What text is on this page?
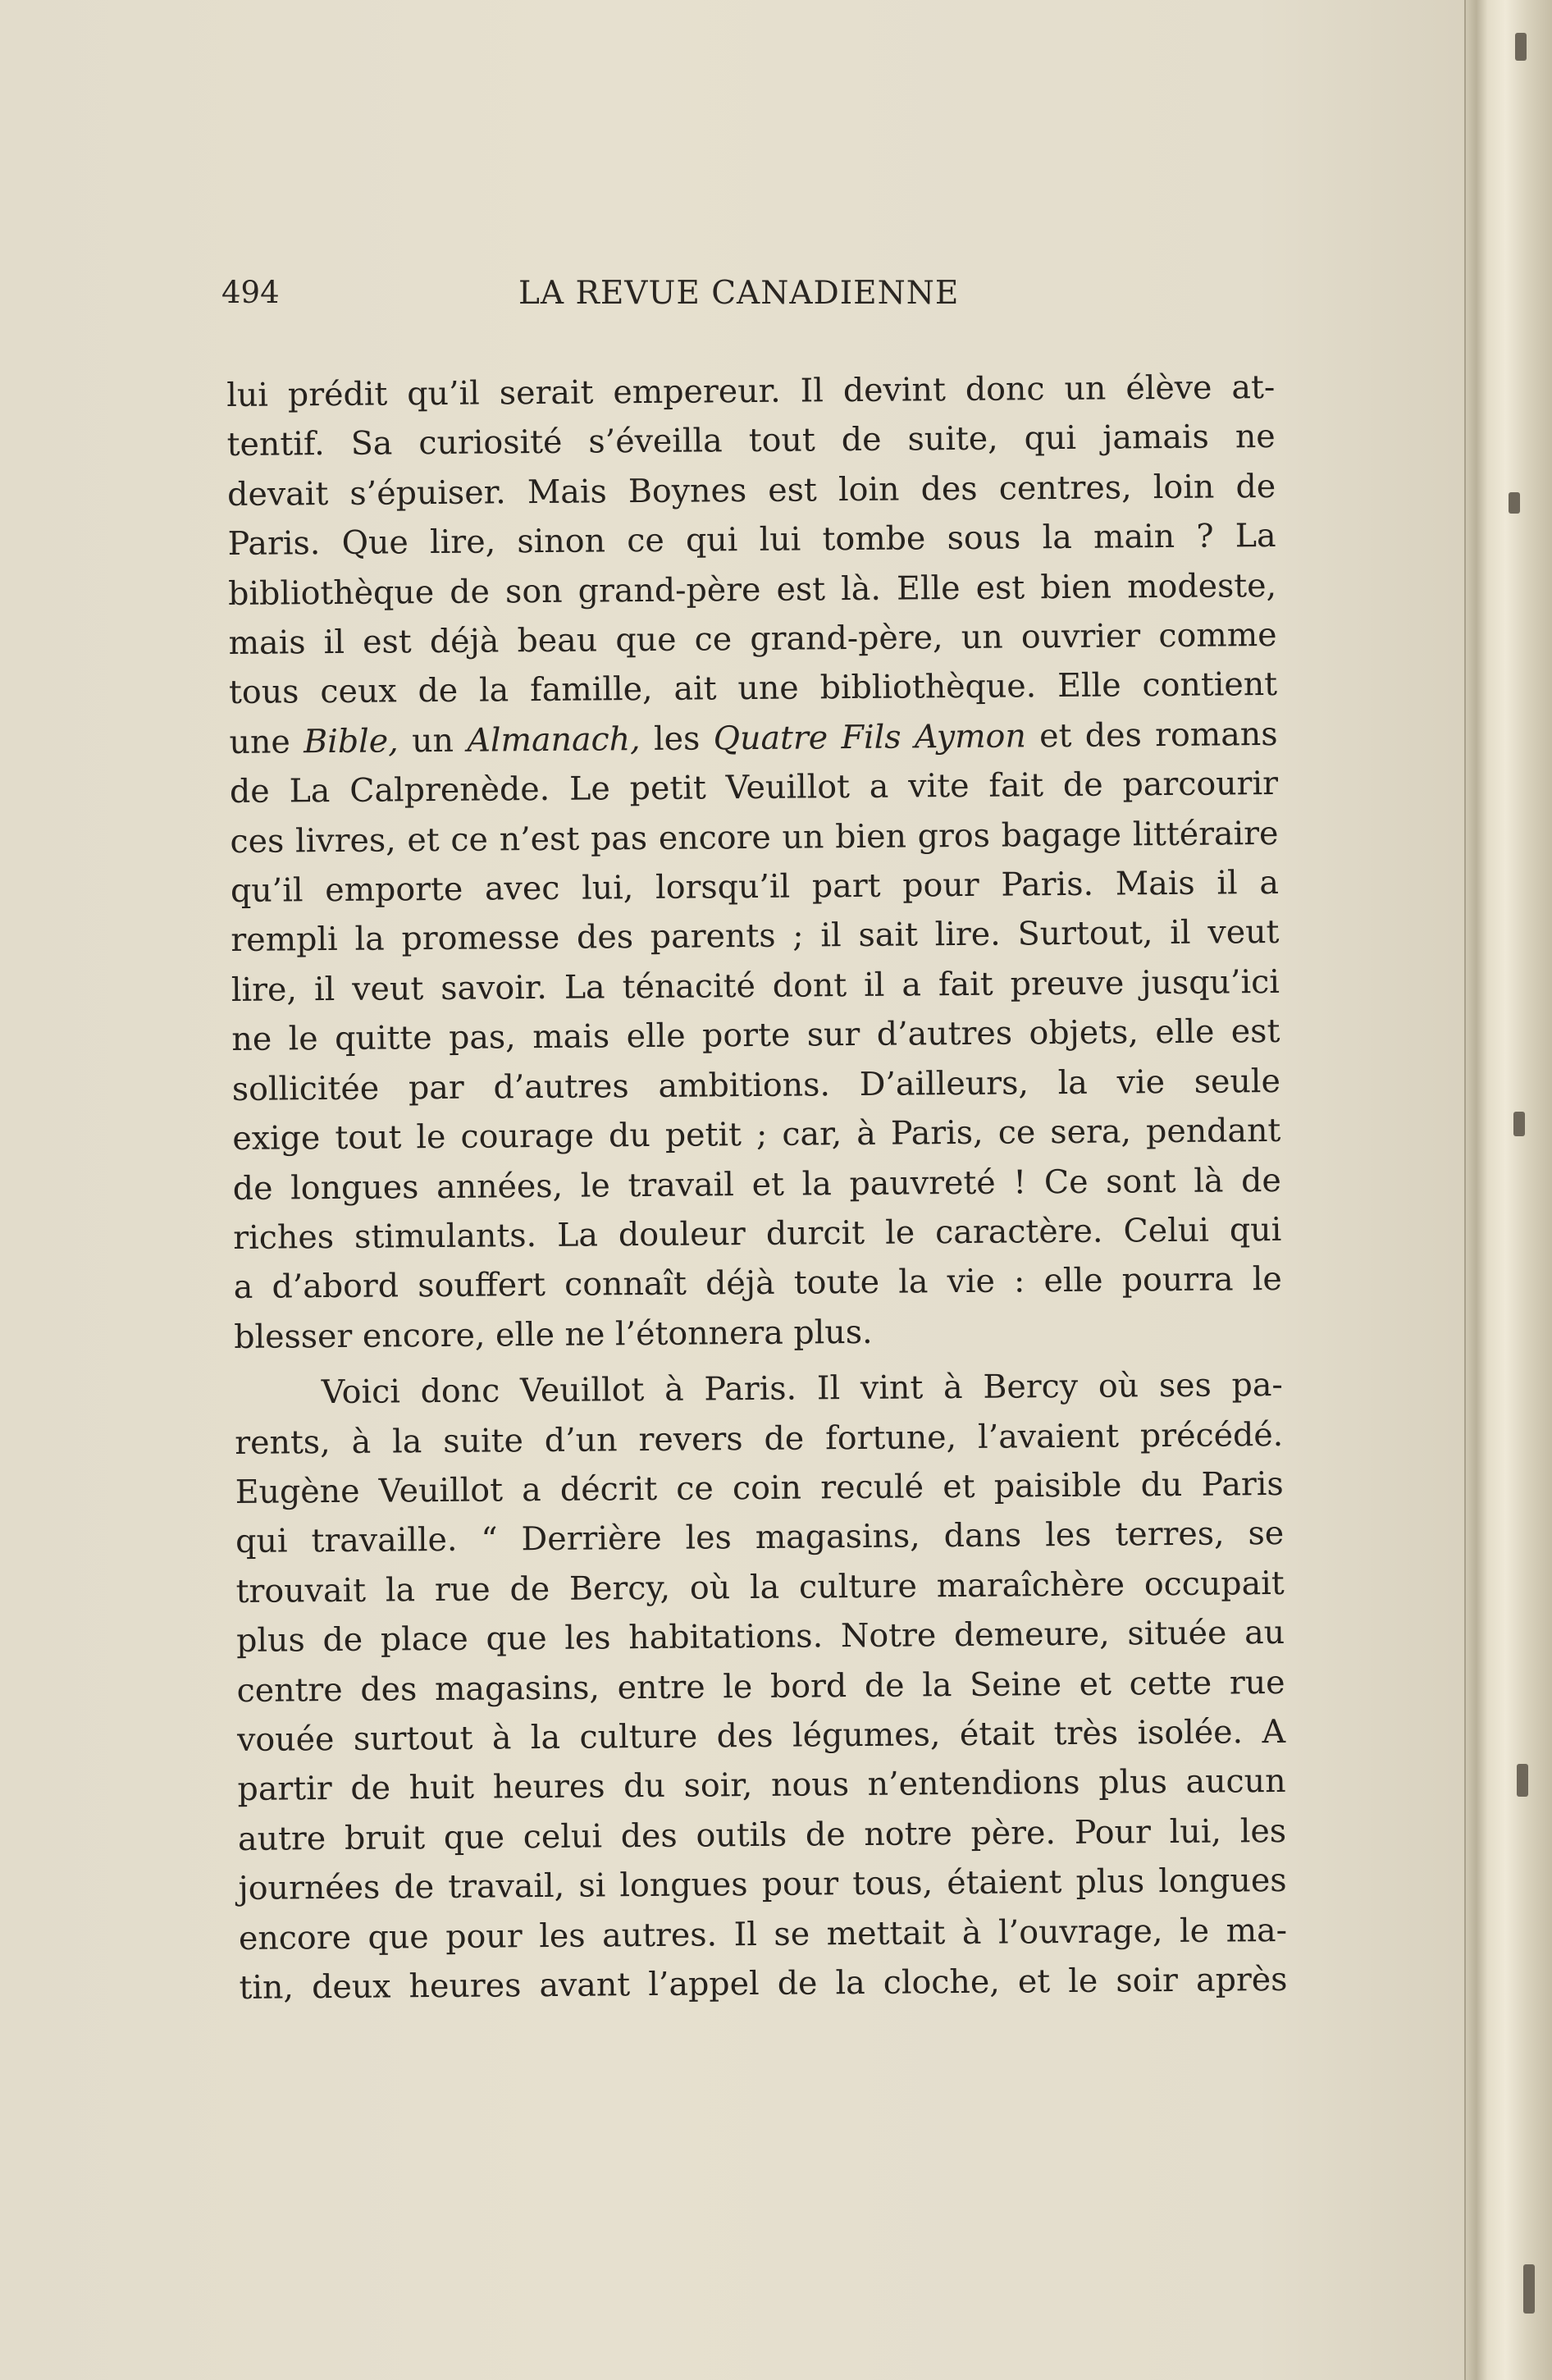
494	LA REVUE CANADIENNE

lui prédit qu’il serait empereur. Il devint donc un élève at-
tentif. Sa curiosité s’éveilla tout de suite, qui jamais ne
devait s’épuiser. Mais Boynes est loin des centres, loin de
Paris. Que lire, sinon ce qui lui tombe sous la main ? La
bibliothèque de son grand-père est là. Elle est bien modeste,
mais il est déjà beau que ce grand-père, un ouvrier comme
tous ceux de la famille, ait une bibliothèque. Elle contient
une Bible, un Almanach, les Quatre Fils Aymon et des romans
de La Calprenède. Le petit Veuillot a vite fait de parcourir
ces livres, et ce n’est pas encore un bien gros bagage littéraire
qu’il emporte avec lui, lorsqu’il part pour Paris. Mais il a
rempli la promesse des parents ; il sait lire. Surtout, il veut
lire, il veut savoir. La ténacité dont il a fait preuve jusqu’ici
ne le quitte pas, mais elle porte sur d’autres objets, elle est
sollicitée par d’autres ambitions. D’ailleurs, la vie seule
exige tout le courage du petit ; car, à Paris, ce sera, pendant
de longues années, le travail et la pauvreté ! Ce sont là de
riches stimulants. La douleur durcit le caractère. Celui qui
a d’abord souffert connaît déjà toute la vie : elle pourra le
blesser encore, elle ne l’étonnera plus.

Voici donc Veuillot à Paris. Il vint à Bercy où ses pa-
rents, à la suite d’un revers de fortune, l’avaient précédé.
Eugène Veuillot a décrit ce coin reculé et paisible du Paris
qui travaille. “ Derrière les magasins, dans les terres, se
trouvait la rue de Bercy, où la culture maraîchère occupait
plus de place que les habitations. Notre demeure, située au
centre des magasins, entre le bord de la Seine et cette rue
vouée surtout à la culture des légumes, était très isolée. A
partir de huit heures du soir, nous n’entendions plus aucun
autre bruit que celui des outils de notre père. Pour lui, les
journées de travail, si longues pour tous, étaient plus longues
encore que pour les autres. Il se mettait à l’ouvrage, le ma-
tin, deux heures avant l’appel de la cloche, et le soir après
